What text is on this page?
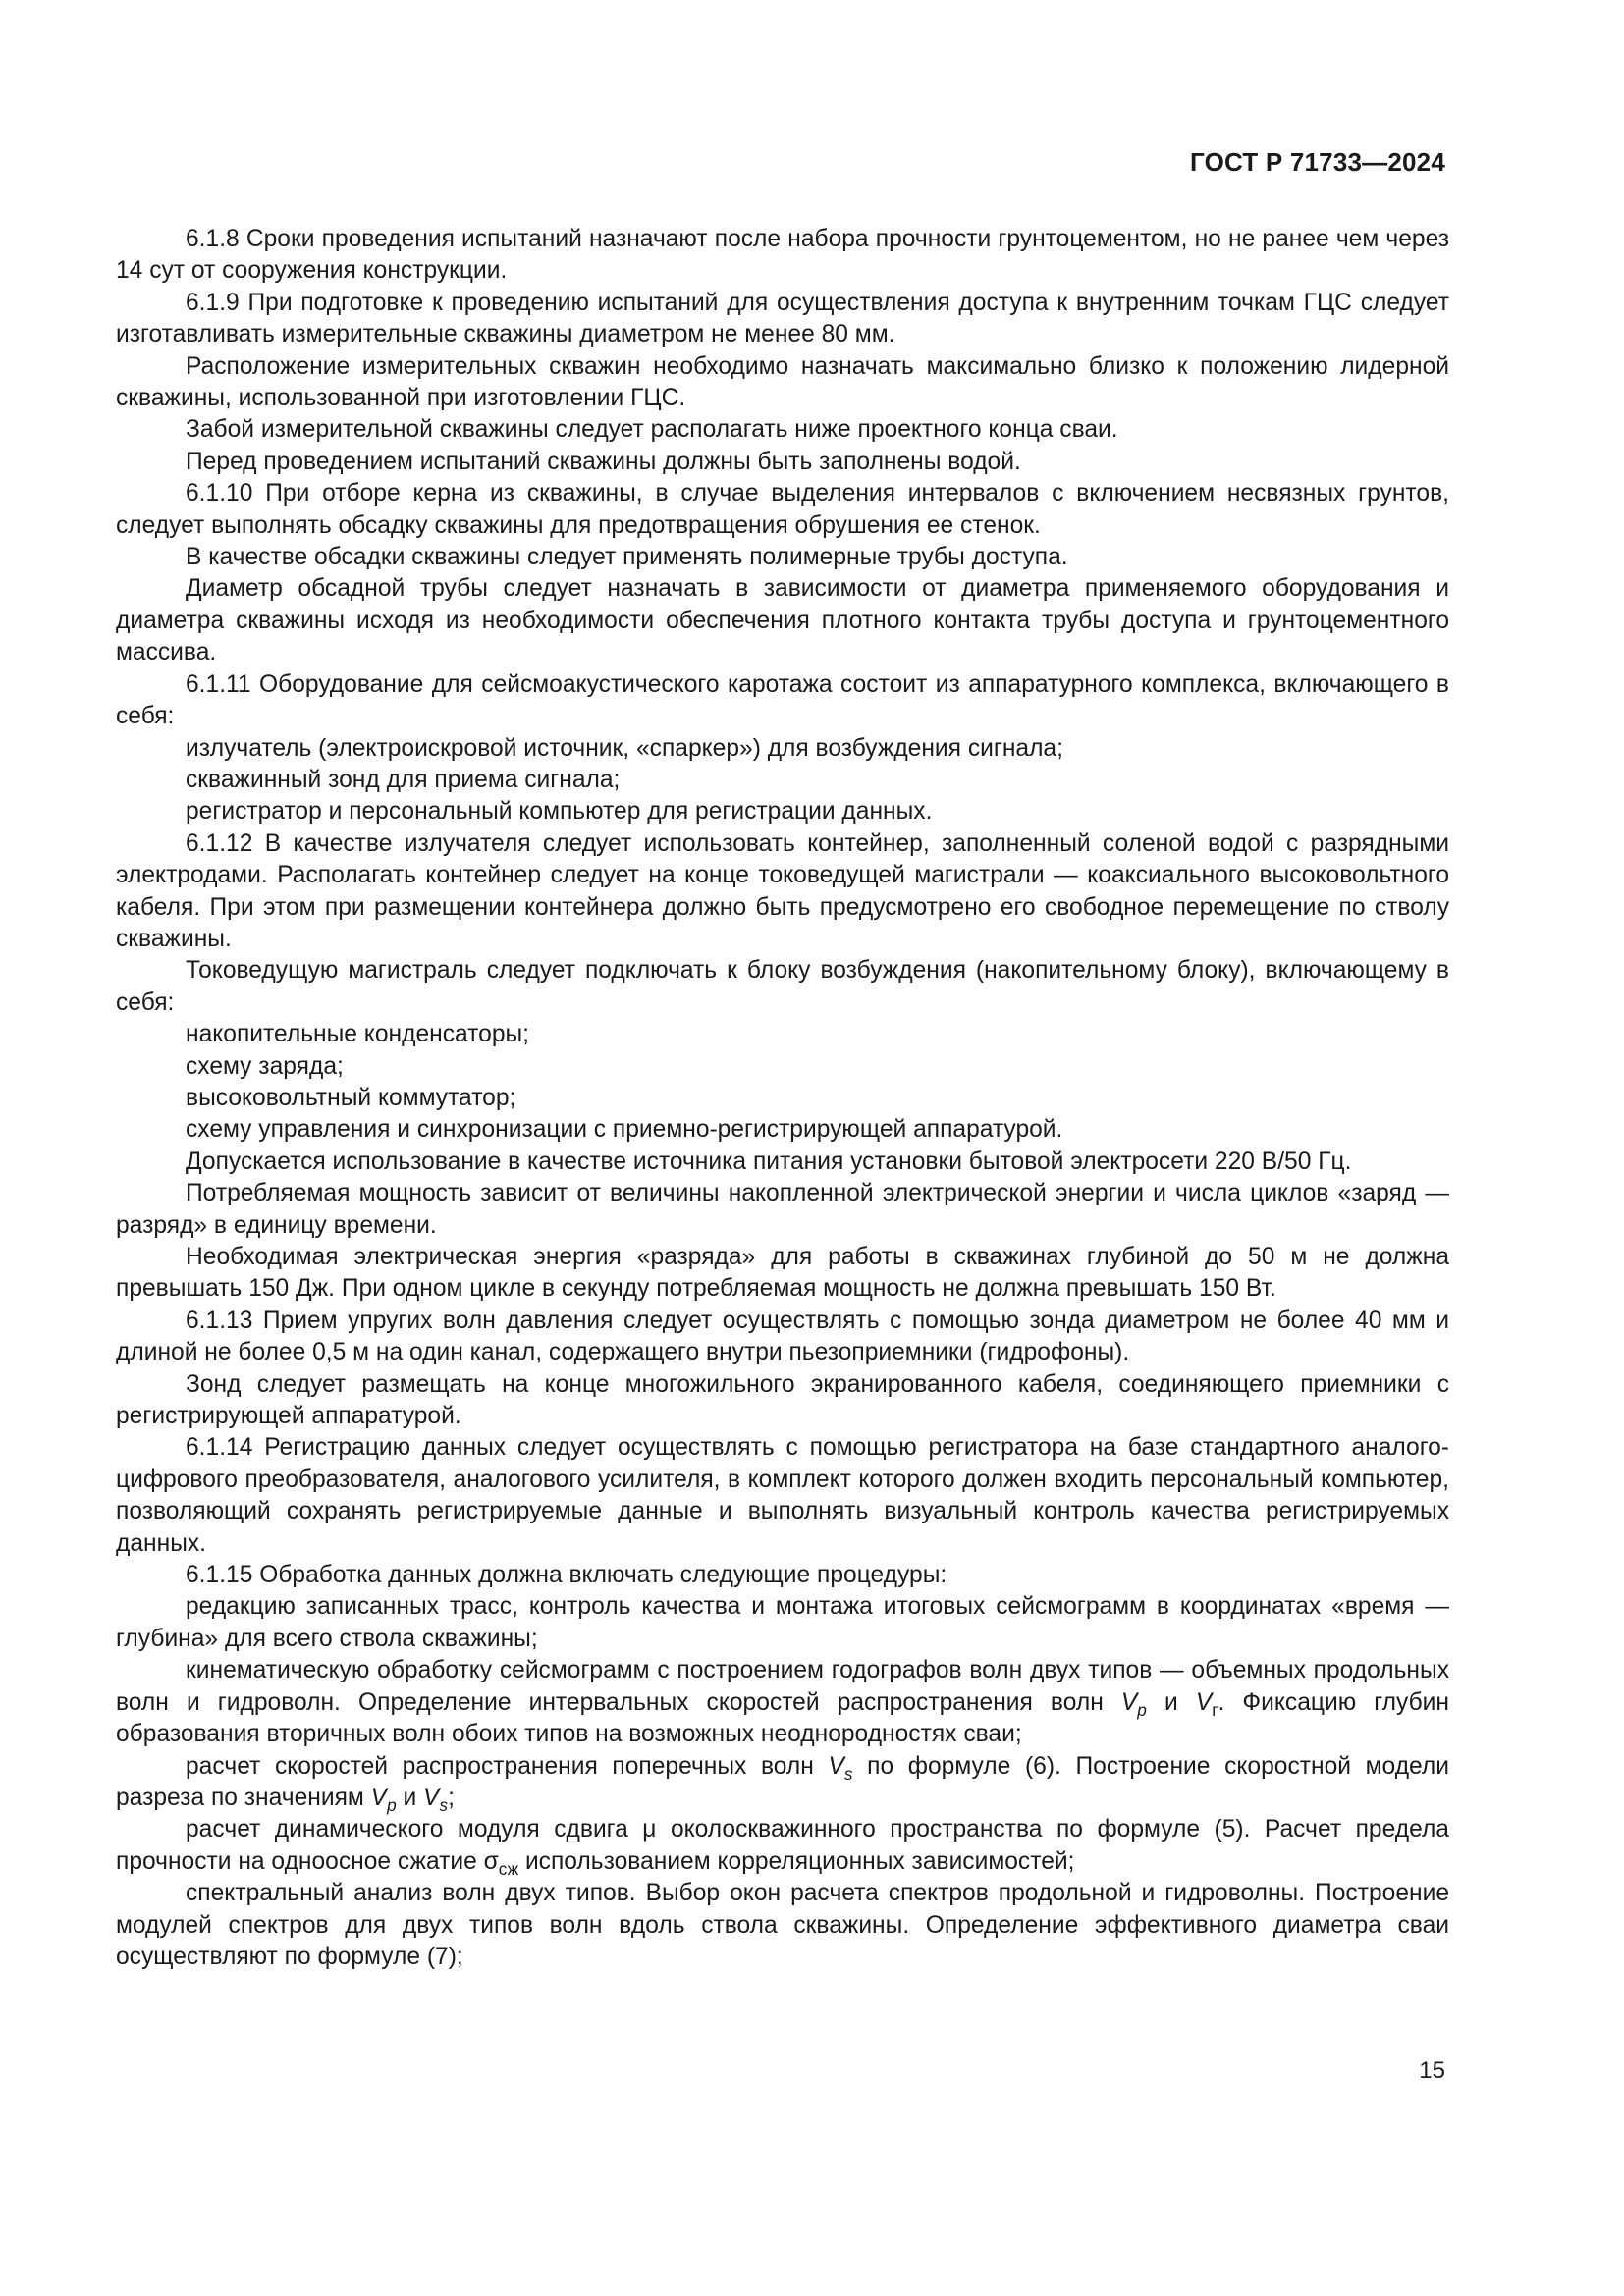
ГОСТ Р 71733—2024

6.1.8 Сроки проведения испытаний назначают после набора прочности грунтоцементом, но не ранее чем через 14 сут от сооружения конструкции.

6.1.9 При подготовке к проведению испытаний для осуществления доступа к внутренним точкам ГЦС следует изготавливать измерительные скважины диаметром не менее 80 мм.

Расположение измерительных скважин необходимо назначать максимально близко к положению лидерной скважины, использованной при изготовлении ГЦС.

Забой измерительной скважины следует располагать ниже проектного конца сваи.

Перед проведением испытаний скважины должны быть заполнены водой.

6.1.10 При отборе керна из скважины, в случае выделения интервалов с включением несвязных грунтов, следует выполнять обсадку скважины для предотвращения обрушения ее стенок.

В качестве обсадки скважины следует применять полимерные трубы доступа.

Диаметр обсадной трубы следует назначать в зависимости от диаметра применяемого оборудования и диаметра скважины исходя из необходимости обеспечения плотного контакта трубы доступа и грунтоцементного массива.

6.1.11 Оборудование для сейсмоакустического каротажа состоит из аппаратурного комплекса, включающего в себя:

излучатель (электроискровой источник, «спаркер») для возбуждения сигнала;

скважинный зонд для приема сигнала;

регистратор и персональный компьютер для регистрации данных.

6.1.12 В качестве излучателя следует использовать контейнер, заполненный соленой водой с разрядными электродами. Располагать контейнер следует на конце токоведущей магистрали — коаксиального высоковольтного кабеля. При этом при размещении контейнера должно быть предусмотрено его свободное перемещение по стволу скважины.

Токоведущую магистраль следует подключать к блоку возбуждения (накопительному блоку), включающему в себя:

накопительные конденсаторы;

схему заряда;

высоковольтный коммутатор;

схему управления и синхронизации с приемно-регистрирующей аппаратурой.

Допускается использование в качестве источника питания установки бытовой электросети 220 В/50 Гц.

Потребляемая мощность зависит от величины накопленной электрической энергии и числа циклов «заряд — разряд» в единицу времени.

Необходимая электрическая энергия «разряда» для работы в скважинах глубиной до 50 м не должна превышать 150 Дж. При одном цикле в секунду потребляемая мощность не должна превышать 150 Вт.

6.1.13 Прием упругих волн давления следует осуществлять с помощью зонда диаметром не более 40 мм и длиной не более 0,5 м на один канал, содержащего внутри пьезоприемники (гидрофоны).

Зонд следует размещать на конце многожильного экранированного кабеля, соединяющего приемники с регистрирующей аппаратурой.

6.1.14 Регистрацию данных следует осуществлять с помощью регистратора на базе стандартного аналого-цифрового преобразователя, аналогового усилителя, в комплект которого должен входить персональный компьютер, позволяющий сохранять регистрируемые данные и выполнять визуальный контроль качества регистрируемых данных.

6.1.15 Обработка данных должна включать следующие процедуры:

редакцию записанных трасс, контроль качества и монтажа итоговых сейсмограмм в координатах «время — глубина» для всего ствола скважины;

кинематическую обработку сейсмограмм с построением годографов волн двух типов — объемных продольных волн и гидроволн. Определение интервальных скоростей распространения волн $V_p$ и $V_г$. Фиксацию глубин образования вторичных волн обоих типов на возможных неоднородностях сваи;

расчет скоростей распространения поперечных волн $V_s$ по формуле (6). Построение скоростной модели разреза по значениям $V_p$ и $V_s$;

расчет динамического модуля сдвига μ околоскважинного пространства по формуле (5). Расчет предела прочности на одноосное сжатие $\sigma_{сж}$ использованием корреляционных зависимостей;

спектральный анализ волн двух типов. Выбор окон расчета спектров продольной и гидроволны. Построение модулей спектров для двух типов волн вдоль ствола скважины. Определение эффективного диаметра сваи осуществляют по формуле (7);

15
